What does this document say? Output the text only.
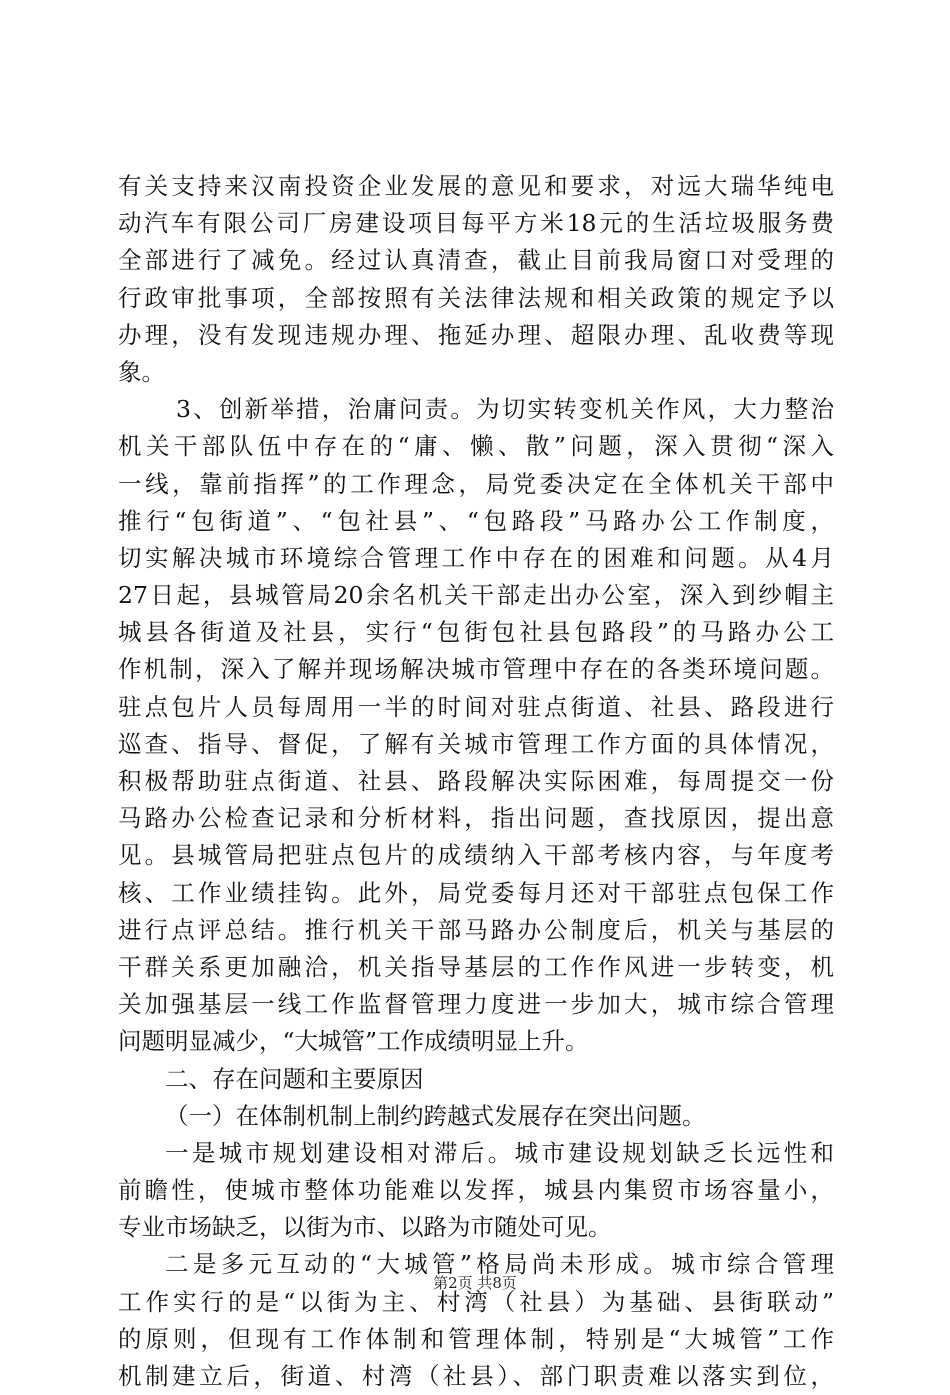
有关支持来汉南投资企业发展的意见和要求，对远大瑞华纯电
动汽车有限公司厂房建设项目每平方米18元的生活垃圾服务费
全部进行了减免。经过认真清查，截止目前我局窗口对受理的
行政审批事项，全部按照有关法律法规和相关政策的规定予以
办理，没有发现违规办理、拖延办理、超限办理、乱收费等现
象。
3、创新举措，治庸问责。为切实转变机关作风，大力整治
机关干部队伍中存在的“庸、懒、散”问题，深入贯彻“深入
一线，靠前指挥”的工作理念，局党委决定在全体机关干部中
推行“包街道”、“包社县”、“包路段”马路办公工作制度，
切实解决城市环境综合管理工作中存在的困难和问题。从4月
27日起，县城管局20余名机关干部走出办公室，深入到纱帽主
城县各街道及社县，实行“包街包社县包路段”的马路办公工
作机制，深入了解并现场解决城市管理中存在的各类环境问题。
驻点包片人员每周用一半的时间对驻点街道、社县、路段进行
巡查、指导、督促，了解有关城市管理工作方面的具体情况，
积极帮助驻点街道、社县、路段解决实际困难，每周提交一份
马路办公检查记录和分析材料，指出问题，查找原因，提出意
见。县城管局把驻点包片的成绩纳入干部考核内容，与年度考
核、工作业绩挂钩。此外，局党委每月还对干部驻点包保工作
进行点评总结。推行机关干部马路办公制度后，机关与基层的
干群关系更加融洽，机关指导基层的工作作风进一步转变，机
关加强基层一线工作监督管理力度进一步加大，城市综合管理
问题明显减少，“大城管”工作成绩明显上升。
二、存在问题和主要原因
（一）在体制机制上制约跨越式发展存在突出问题。
一是城市规划建设相对滞后。城市建设规划缺乏长远性和
前瞻性，使城市整体功能难以发挥，城县内集贸市场容量小，
专业市场缺乏，以街为市、以路为市随处可见。
二是多元互动的“大城管”格局尚未形成。城市综合管理
工作实行的是“以街为主、村湾（社县）为基础、县街联动”
的原则，但现有工作体制和管理体制，特别是“大城管”工作
机制建立后，街道、村湾（社县）、部门职责难以落实到位，
第2页 共8页
